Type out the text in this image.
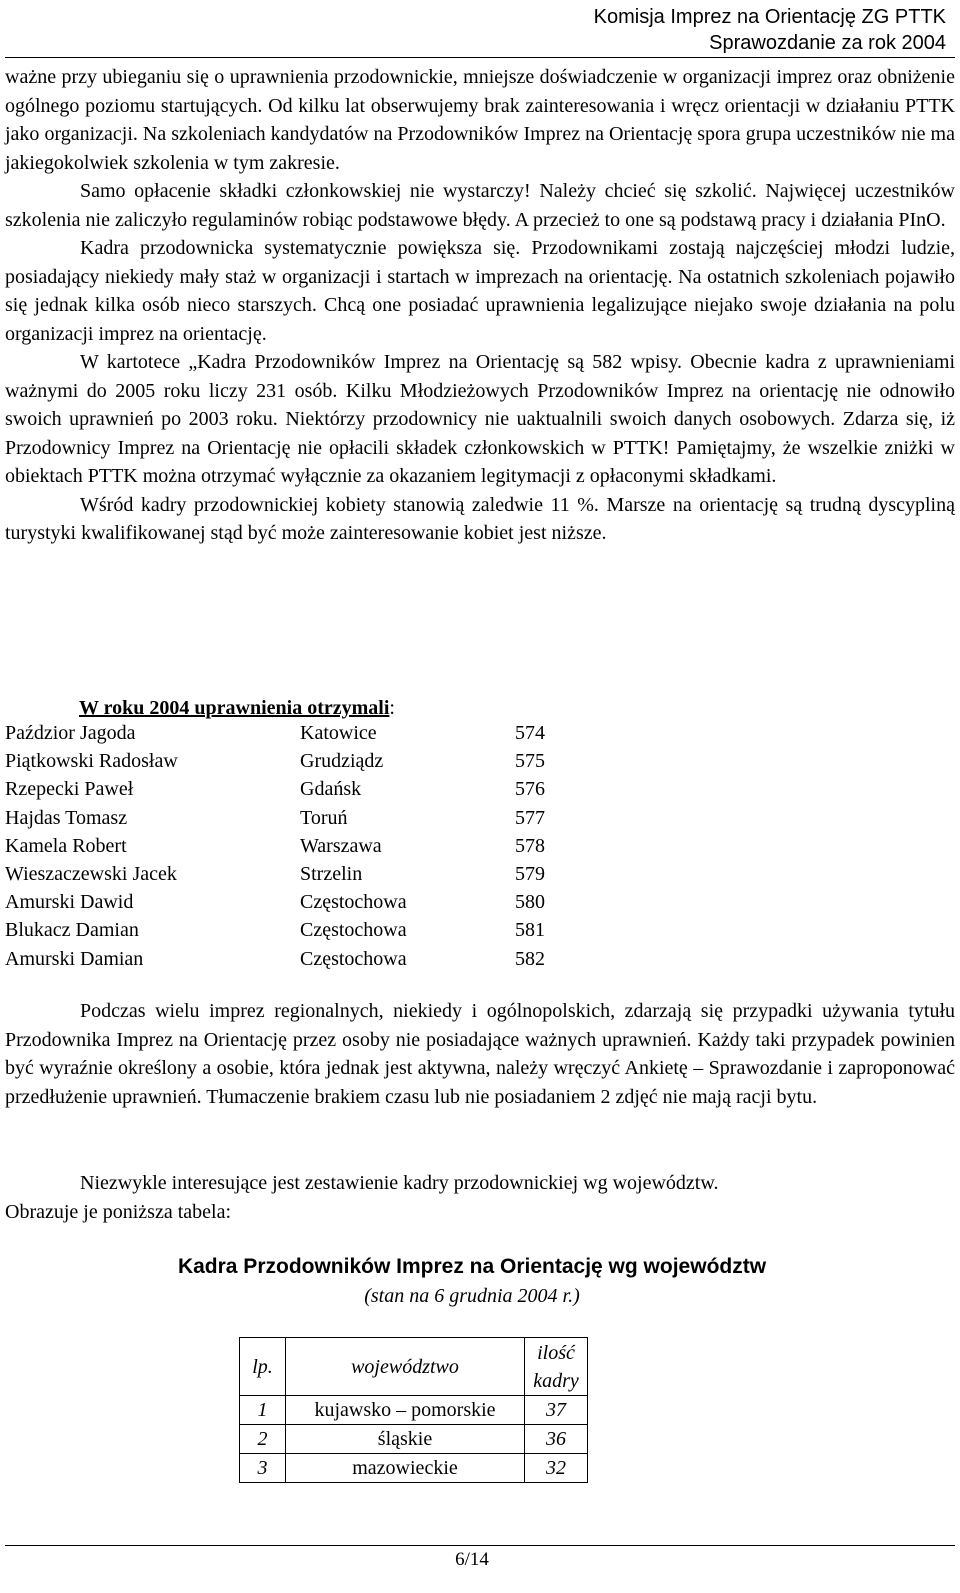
Komisja Imprez na Orientację ZG PTTK
Sprawozdanie za rok 2004

ważne przy ubieganiu się o uprawnienia przodownickie, mniejsze doświadczenie w organizacji imprez oraz obniżenie ogólnego poziomu startujących. Od kilku lat obserwujemy brak zainteresowania i wręcz orientacji w działaniu PTTK jako organizacji. Na szkoleniach kandydatów na Przodowników Imprez na Orientację spora grupa uczestników nie ma jakiegokolwiek szkolenia w tym zakresie.

Samo opłacenie składki członkowskiej nie wystarczy! Należy chcieć się szkolić. Najwięcej uczestników szkolenia nie zaliczyło regulaminów robiąc podstawowe błędy. A przecież to one są podstawą pracy i działania PInO.

Kadra przodownicka systematycznie powiększa się. Przodownikami zostają najczęściej młodzi ludzie, posiadający niekiedy mały staż w organizacji i startach w imprezach na orientację. Na ostatnich szkoleniach pojawiło się jednak kilka osób nieco starszych. Chcą one posiadać uprawnienia legalizujące niejako swoje działania na polu organizacji imprez na orientację.

W kartotece „Kadra Przodowników Imprez na Orientację są 582 wpisy. Obecnie kadra z uprawnieniami ważnymi do 2005 roku liczy 231 osób. Kilku Młodzieżowych Przodowników Imprez na orientację nie odnowiło swoich uprawnień po 2003 roku. Niektórzy przodownicy nie uaktualnili swoich danych osobowych. Zdarza się, iż Przodownicy Imprez na Orientację nie opłacili składek członkowskich w PTTK! Pamiętajmy, że wszelkie zniżki w obiektach PTTK można otrzymać wyłącznie za okazaniem legitymacji z opłaconymi składkami.

Wśród kadry przodownickiej kobiety stanowią zaledwie 11 %. Marsze na orientację są trudną dyscypliną turystyki kwalifikowanej stąd być może zainteresowanie kobiet jest niższe.

W roku 2004 uprawnienia otrzymali:
Paździor Jagoda	Katowice	574
Piątkowski Radosław	Grudziądz	575
Rzepecki Paweł	Gdańsk	576
Hajdas Tomasz	Toruń	577
Kamela Robert	Warszawa	578
Wieszaczewski Jacek	Strzelin	579
Amurski Dawid	Częstochowa	580
Blukacz Damian	Częstochowa	581
Amurski Damian	Częstochowa	582

Podczas wielu imprez regionalnych, niekiedy i ogólnopolskich, zdarzają się przypadki używania tytułu Przodownika Imprez na Orientację przez osoby nie posiadające ważnych uprawnień. Każdy taki przypadek powinien być wyraźnie określony a osobie, która jednak jest aktywna, należy wręczyć Ankietę – Sprawozdanie i zaproponować przedłużenie uprawnień. Tłumaczenie brakiem czasu lub nie posiadaniem 2 zdjęć nie mają racji bytu.

Niezwykle interesujące jest zestawienie kadry przodownickiej wg województw.

Obrazuje je poniższa tabela:

Kadra Przodowników Imprez na Orientację wg województw
(stan na 6 grudnia 2004 r.)
lp.	województwo	ilość
kadry

1	kujawsko – pomorskie	37
2	śląskie	36
3	mazowieckie	32
6/14
